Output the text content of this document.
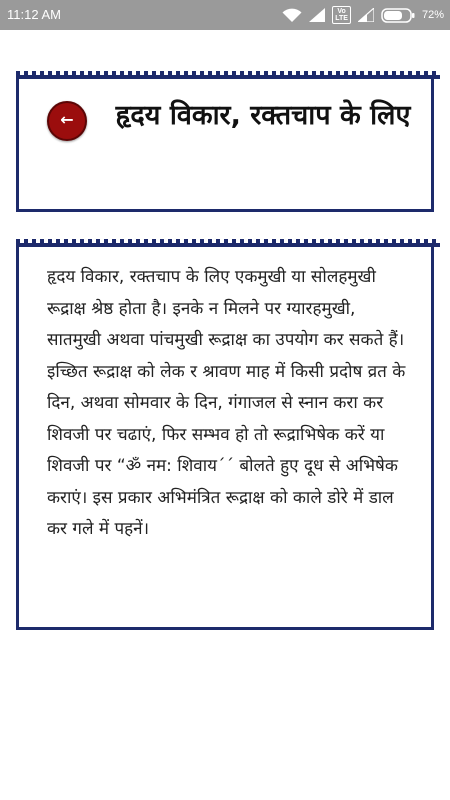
11:12 AM	Vo
LTE	72%
←	हृदय विकार, रक्तचाप के लिए

हृदय विकार, रक्तचाप के लिए एकमुखी या सोलहमुखी रूद्राक्ष श्रेष्ठ होता है। इनके न मिलने पर ग्यारहमुखी, सातमुखी अथवा पांचमुखी रूद्राक्ष का उपयोग कर सकते हैं। इच्छित रूद्राक्ष को लेक र श्रावण माह में किसी प्रदोष व्रत के दिन, अथवा सोमवार के दिन, गंगाजल से स्नान करा कर शिवजी पर चढाएं, फिर सम्भव हो तो रूद्राभिषेक करें या शिवजी पर “ॐ नम: शिवाय´´ बोलते हुए दूध से अभिषेक कराएं। इस प्रकार अभिमंत्रित रूद्राक्ष को काले डोरे में डाल कर गले में पहनें।
